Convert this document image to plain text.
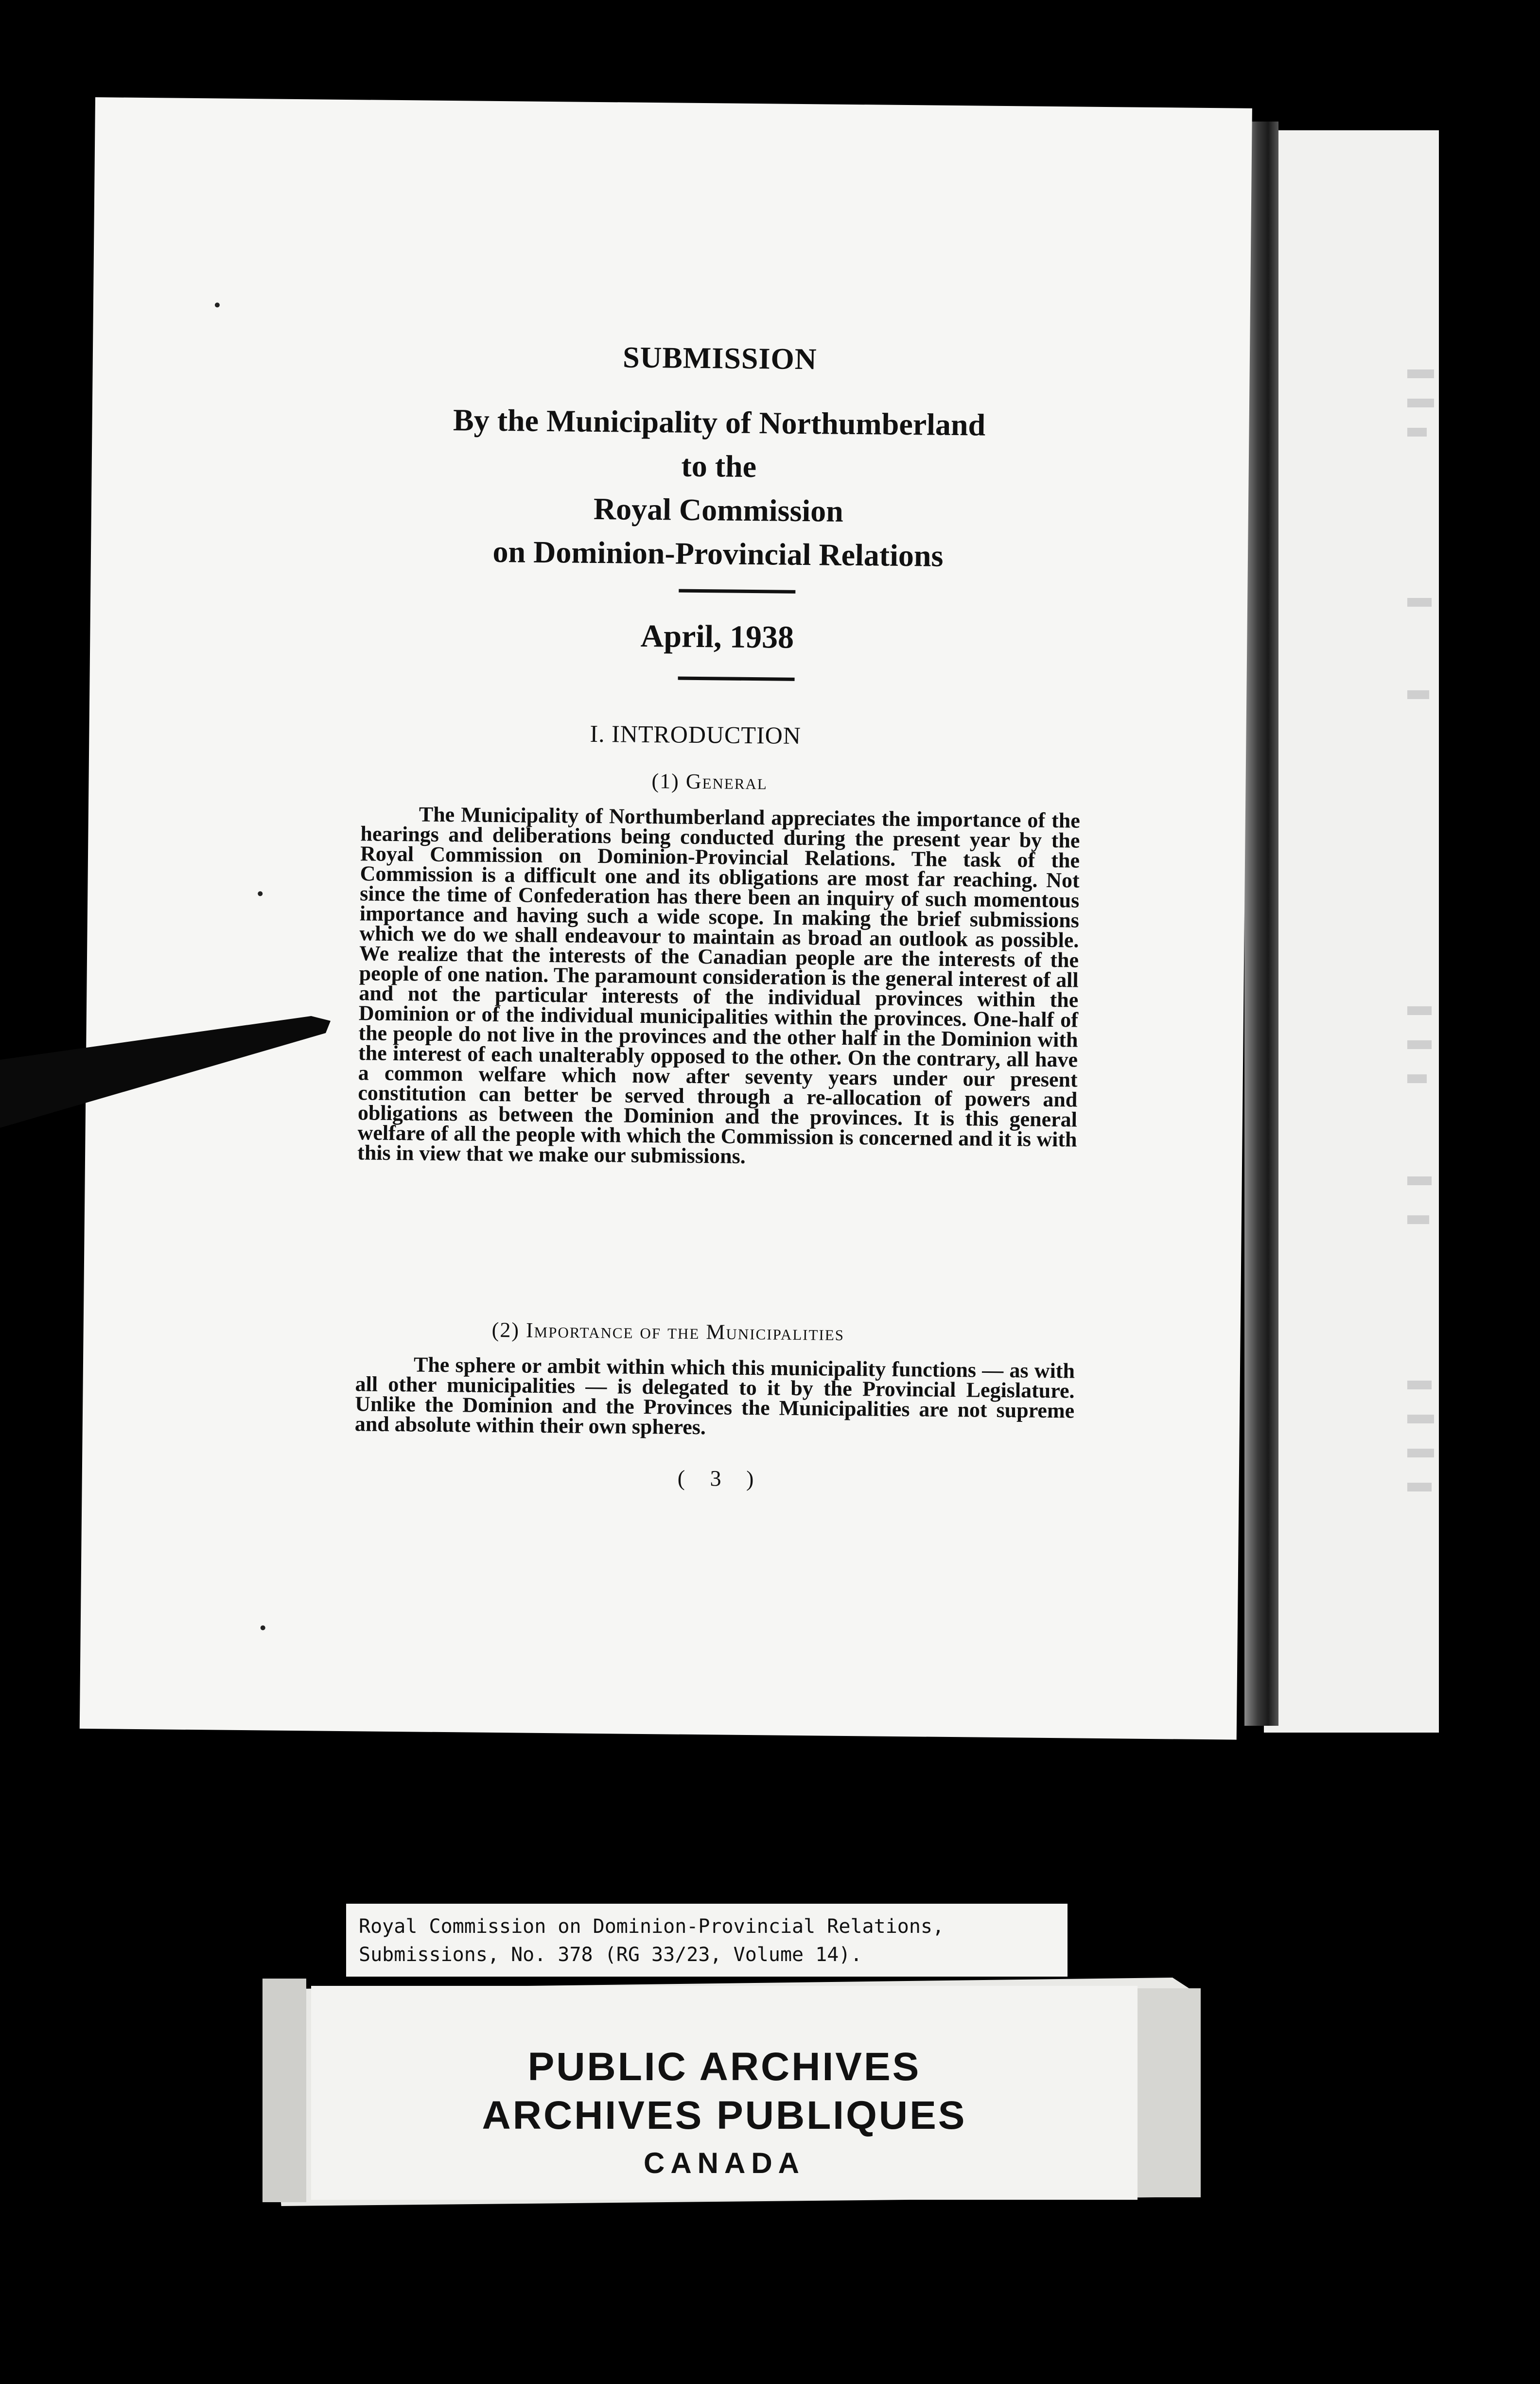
SUBMISSION
By the Municipality of Northumberland
to the
Royal Commission
on Dominion-Provincial Relations
April, 1938
I. INTRODUCTION
(1) General
The Municipality of Northumberland appreciates the importance of the hearings and deliberations being conducted during the present year by the Royal Commission on Dominion-Provincial Relations. The task of the Commission is a difficult one and its obligations are most far reaching. Not since the time of Confederation has there been an inquiry of such momentous importance and having such a wide scope. In making the brief submissions which we do we shall endeavour to maintain as broad an outlook as possible. We realize that the interests of the Canadian people are the interests of the people of one nation. The paramount consideration is the general interest of all and not the particular interests of the individual provinces within the Dominion or of the individual municipalities within the provinces. One-half of the people do not live in the provinces and the other half in the Dominion with the interest of each unalterably opposed to the other. On the contrary, all have a common welfare which now after seventy years under our present constitution can better be served through a re-allocation of powers and obligations as between the Dominion and the provinces. It is this general welfare of all the people with which the Commission is concerned and it is with this in view that we make our submissions.
(2) Importance of the Municipalities
The sphere or ambit within which this municipality functions — as with all other municipalities — is delegated to it by the Provincial Legislature. Unlike the Dominion and the Provinces the Municipalities are not supreme and absolute within their own spheres.
( 3 )
Royal Commission on Dominion-Provincial Relations,
Submissions, No. 378 (RG 33/23, Volume 14).
PUBLIC ARCHIVES
ARCHIVES PUBLIQUES
CANADA
